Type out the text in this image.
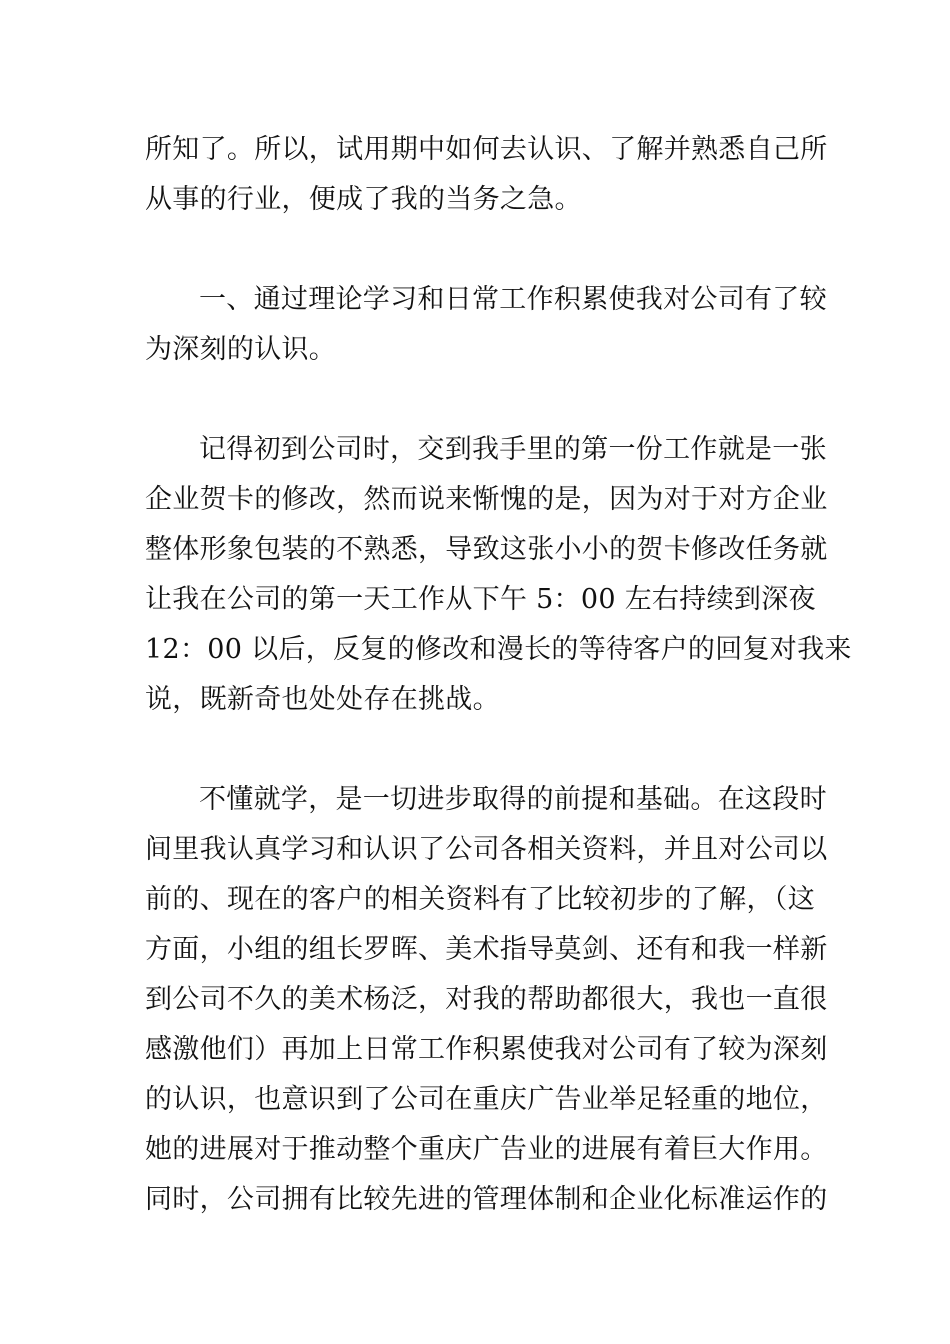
所知了。所以，试用期中如何去认识、了解并熟悉自己所
从事的行业，便成了我的当务之急。
一、通过理论学习和日常工作积累使我对公司有了较
为深刻的认识。
记得初到公司时，交到我手里的第一份工作就是一张
企业贺卡的修改，然而说来惭愧的是，因为对于对方企业
整体形象包装的不熟悉，导致这张小小的贺卡修改任务就
让我在公司的第一天工作从下午 5：00 左右持续到深夜
12：00 以后，反复的修改和漫长的等待客户的回复对我来
说，既新奇也处处存在挑战。
不懂就学，是一切进步取得的前提和基础。在这段时
间里我认真学习和认识了公司各相关资料，并且对公司以
前的、现在的客户的相关资料有了比较初步的了解，（这
方面，小组的组长罗晖、美术指导莫剑、还有和我一样新
到公司不久的美术杨泛，对我的帮助都很大，我也一直很
感激他们）再加上日常工作积累使我对公司有了较为深刻
的认识，也意识到了公司在重庆广告业举足轻重的地位，
她的进展对于推动整个重庆广告业的进展有着巨大作用。
同时，公司拥有比较先进的管理体制和企业化标准运作的
